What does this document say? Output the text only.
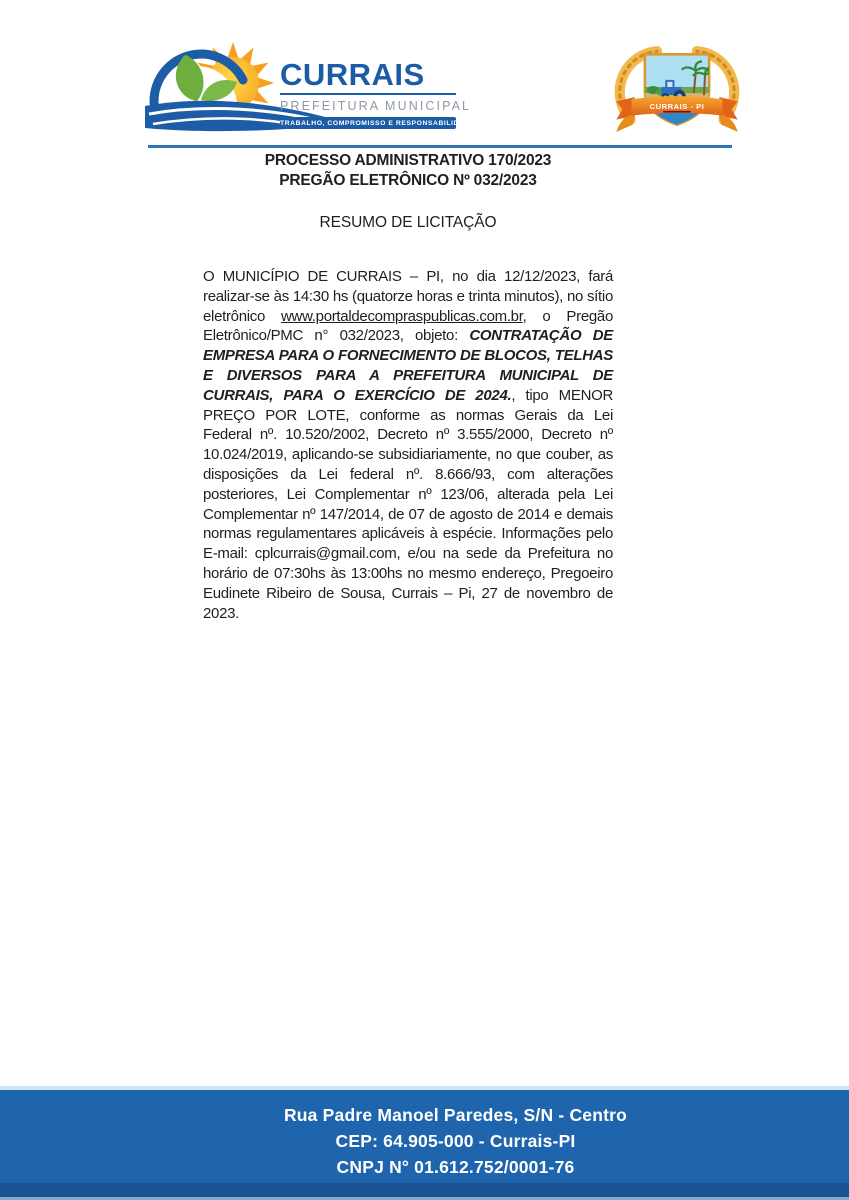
CURRAIS
PREFEITURA MUNICIPAL
TRABALHO, COMPROMISSO E RESPONSABILIDADE
CURRAIS - PI
PROCESSO ADMINISTRATIVO 170/2023
PREGÃO ELETRÔNICO Nº 032/2023
RESUMO DE LICITAÇÃO

O MUNICÍPIO DE CURRAIS – PI, no dia 12/12/2023, fará realizar-se às 14:30 hs (quatorze horas e trinta minutos), no sítio eletrônico www.portaldecompraspublicas.com.br, o Pregão Eletrônico/PMC n° 032/2023, objeto: CONTRATAÇÃO DE EMPRESA PARA O FORNECIMENTO DE BLOCOS, TELHAS E DIVERSOS PARA A PREFEITURA MUNICIPAL DE CURRAIS, PARA O EXERCÍCIO DE 2024., tipo MENOR PREÇO POR LOTE, conforme as normas Gerais da Lei Federal nº. 10.520/2002, Decreto nº 3.555/2000, Decreto nº 10.024/2019, aplicando-se subsidiariamente, no que couber, as disposições da Lei federal nº. 8.666/93, com alterações posteriores, Lei Complementar nº 123/06, alterada pela Lei Complementar nº 147/2014, de 07 de agosto de 2014 e demais normas regulamentares aplicáveis à espécie. Informações pelo E-mail: cplcurrais@gmail.com, e/ou na sede da Prefeitura no horário de 07:30hs às 13:00hs no mesmo endereço, Pregoeiro Eudinete Ribeiro de Sousa, Currais – Pi, 27 de novembro de 2023.

Rua Padre Manoel Paredes, S/N - Centro
CEP: 64.905-000 - Currais-PI
CNPJ N° 01.612.752/0001-76
